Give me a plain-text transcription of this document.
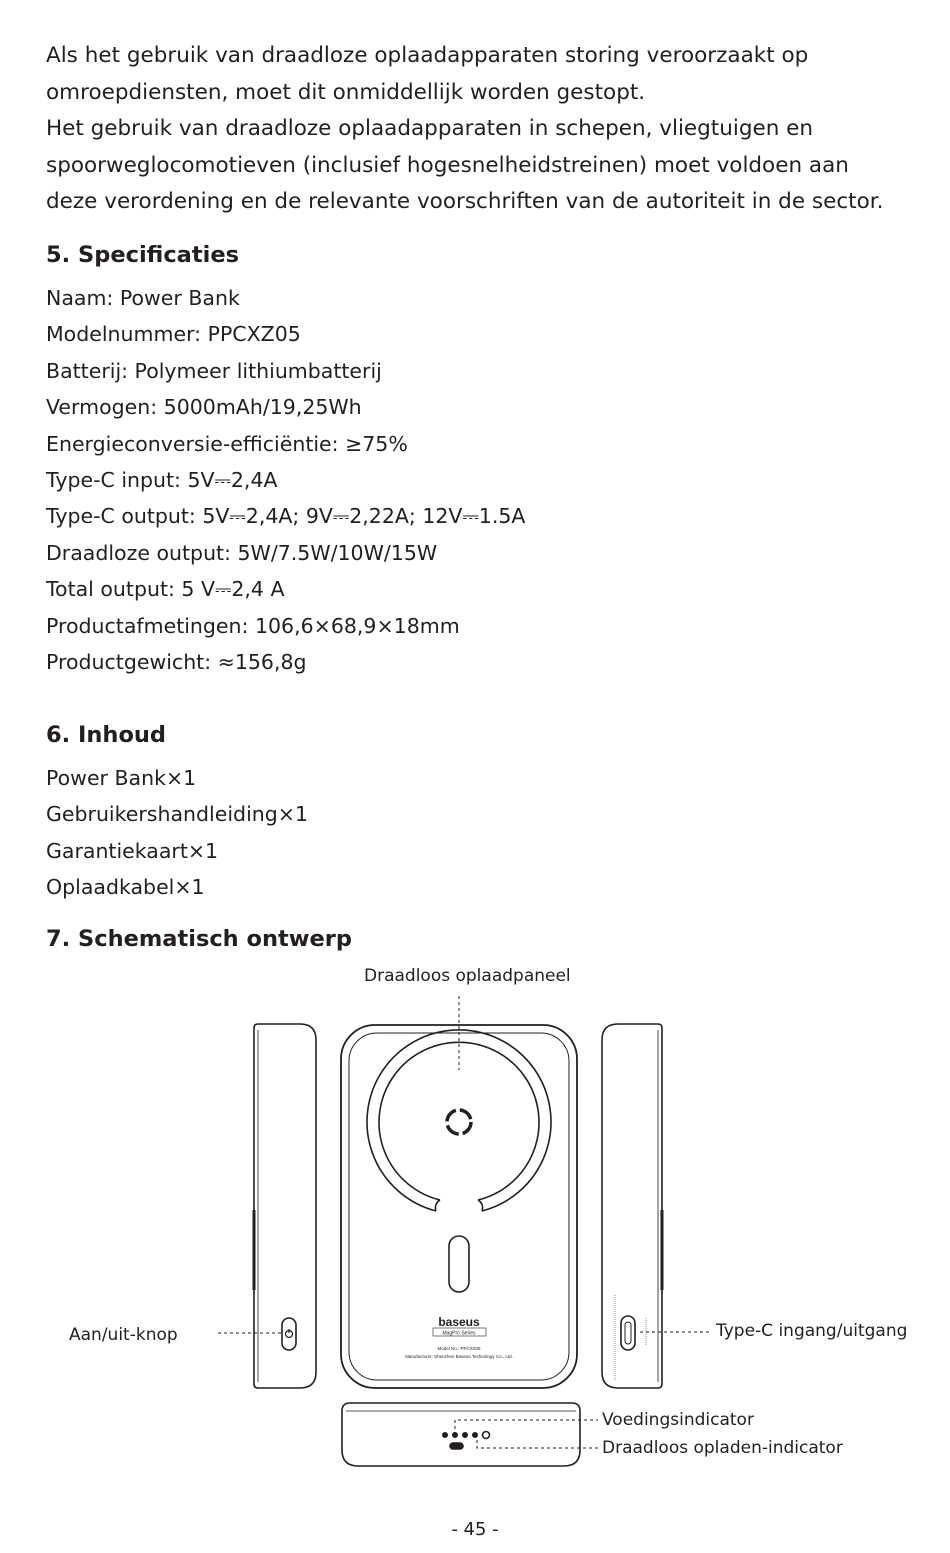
Als het gebruik van draadloze oplaadapparaten storing veroorzaakt op

omroepdiensten, moet dit onmiddellijk worden gestopt.

Het gebruik van draadloze oplaadapparaten in schepen, vliegtuigen en

spoorweglocomotieven (inclusief hogesnelheidstreinen) moet voldoen aan

deze verordening en de relevante voorschriften van de autoriteit in de sector.

5. Specificaties
Naam: Power Bank
Modelnummer: PPCXZ05
Batterij: Polymeer lithiumbatterij
Vermogen: 5000mAh/19,25Wh
Energieconversie-efficiëntie: ≥75%
Type-C input: 5V⎓2,4A
Type-C output: 5V⎓2,4A; 9V⎓2,22A; 12V⎓1.5A
Draadloze output: 5W/7.5W/10W/15W
Total output: 5 V⎓2,4 A
Productafmetingen: 106,6×68,9×18mm
Productgewicht: ≈156,8g
6. Inhoud
Power Bank×1
Gebruikershandleiding×1
Garantiekaart×1
Oplaadkabel×1
7. Schematisch ontwerp
baseus
MagPro Series
Model No.: PPCXZ05
Manufacturer: Shenzhen Baseus Technology Co., Ltd.
Draadloos oplaadpaneel
Aan/uit-knop	Type-C ingang/uitgang
Voedingsindicator
Draadloos opladen-indicator
- 45 -
